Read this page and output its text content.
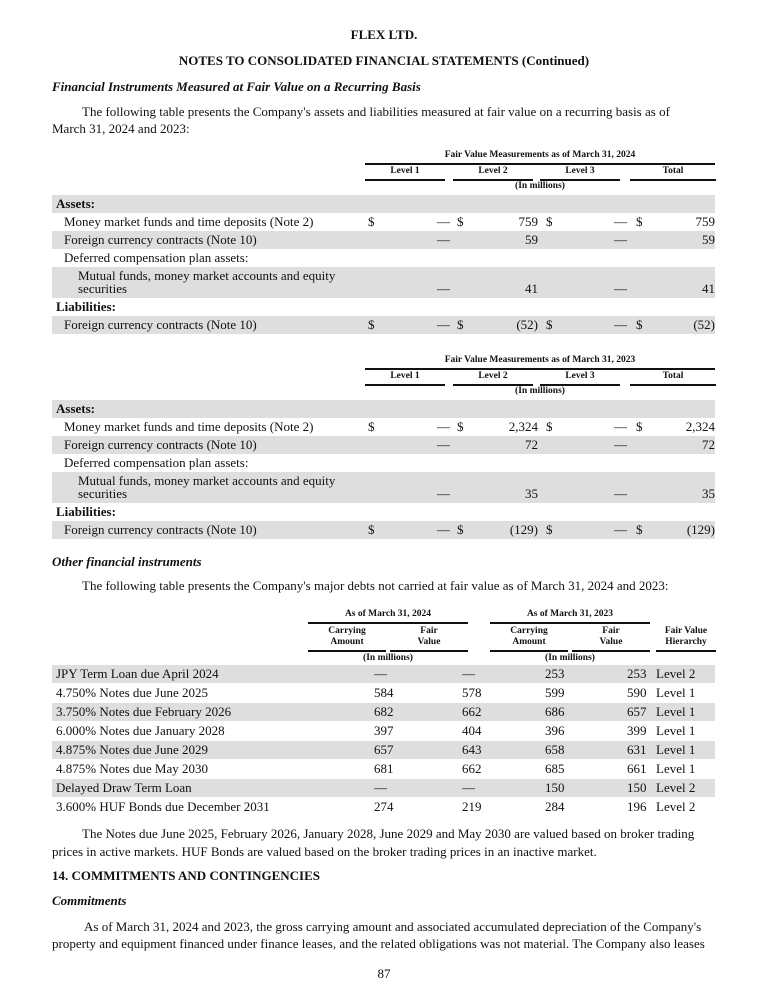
FLEX LTD.
NOTES TO CONSOLIDATED FINANCIAL STATEMENTS (Continued)
Financial Instruments Measured at Fair Value on a Recurring Basis
The following table presents the Company's assets and liabilities measured at fair value on a recurring basis as of
March 31, 2024 and 2023:
Fair Value Measurements as of March 31, 2024
Level 1	Level 2	Level 3	Total
(In millions)
Assets:
Money market funds and time deposits (Note 2)	$	— $	759 $	— $	759
Foreign currency contracts (Note 10)	—	59	—	59
Deferred compensation plan assets:
Mutual funds, money market accounts and equity
securities	—	41	—	41
Liabilities:
Foreign currency contracts (Note 10)	$	— $	(52) $	— $	(52)
Fair Value Measurements as of March 31, 2023
Level 1	Level 2	Level 3	Total
(In millions)
Assets:
Money market funds and time deposits (Note 2)	$	— $	2,324 $	— $	2,324
Foreign currency contracts (Note 10)	—	72	—	72
Deferred compensation plan assets:
Mutual funds, money market accounts and equity
securities	—	35	—	35
Liabilities:
Foreign currency contracts (Note 10)	$	— $	(129) $	— $	(129)
Other financial instruments
The following table presents the Company's major debts not carried at fair value as of March 31, 2024 and 2023:
As of March 31, 2024	As of March 31, 2023
Carrying
Amount
Fair
Value
Carrying
Amount
Fair
Value
Fair Value
Hierarchy
(In millions)	(In millions)
JPY Term Loan due April 2024	—	—	253	253 Level 2
4.750% Notes due June 2025	584	578	599	590 Level 1
3.750% Notes due February 2026	682	662	686	657 Level 1
6.000% Notes due January 2028	397	404	396	399 Level 1
4.875% Notes due June 2029	657	643	658	631 Level 1
4.875% Notes due May 2030	681	662	685	661 Level 1
Delayed Draw Term Loan	—	—	150	150 Level 2
3.600% HUF Bonds due December 2031	274	219	284	196 Level 2
The Notes due June 2025, February 2026, January 2028, June 2029 and May 2030 are valued based on broker trading
prices in active markets. HUF Bonds are valued based on the broker trading prices in an inactive market.
14. COMMITMENTS AND CONTINGENCIES
Commitments
As of March 31, 2024 and 2023, the gross carrying amount and associated accumulated depreciation of the Company's
property and equipment financed under finance leases, and the related obligations was not material. The Company also leases
87
